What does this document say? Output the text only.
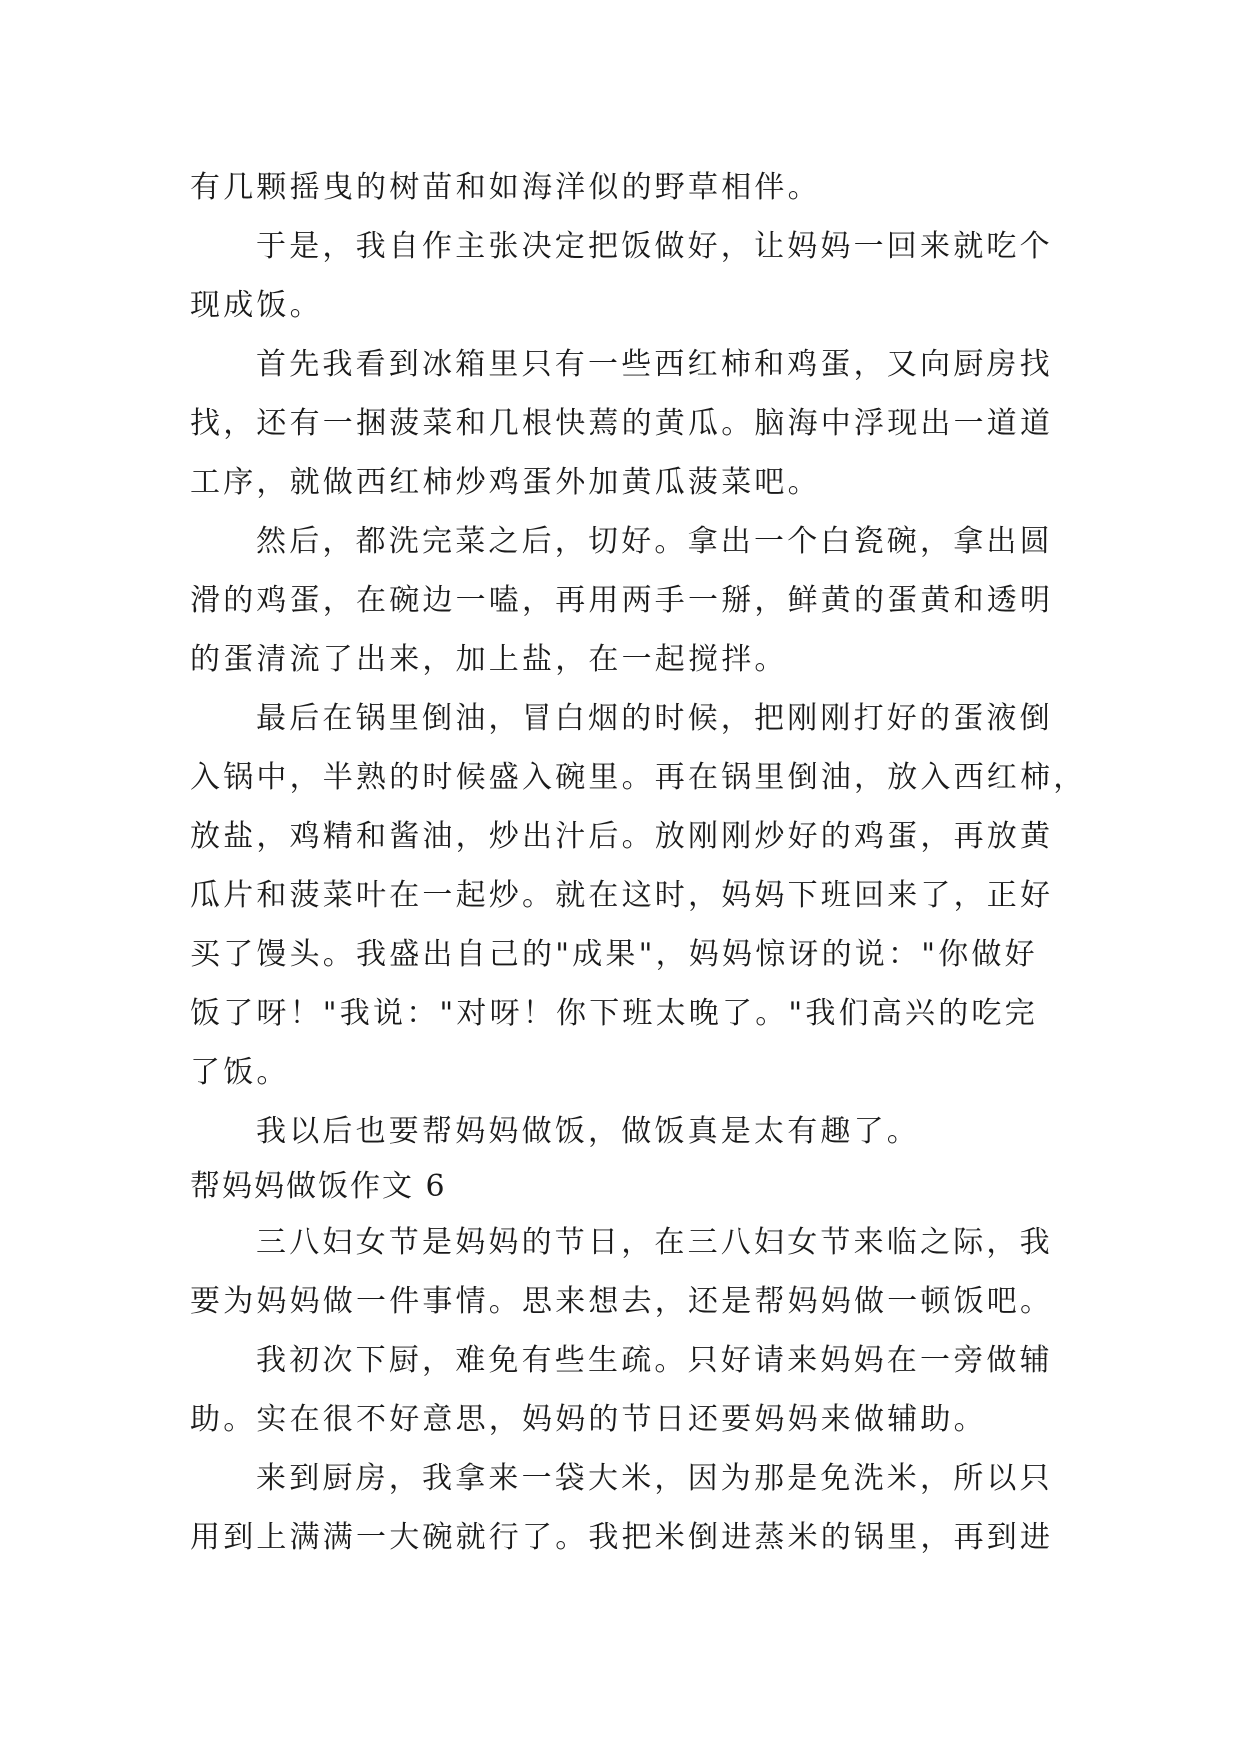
有几颗摇曳的树苗和如海洋似的野草相伴。
于是，我自作主张决定把饭做好，让妈妈一回来就吃个
现成饭。
首先我看到冰箱里只有一些西红柿和鸡蛋，又向厨房找
找，还有一捆菠菜和几根快蔫的黄瓜。脑海中浮现出一道道
工序，就做西红柿炒鸡蛋外加黄瓜菠菜吧。
然后，都洗完菜之后，切好。拿出一个白瓷碗，拿出圆
滑的鸡蛋，在碗边一嗑，再用两手一掰，鲜黄的蛋黄和透明
的蛋清流了出来，加上盐，在一起搅拌。
最后在锅里倒油，冒白烟的时候，把刚刚打好的蛋液倒
入锅中，半熟的时候盛入碗里。再在锅里倒油，放入西红柿，
放盐，鸡精和酱油，炒出汁后。放刚刚炒好的鸡蛋，再放黄
瓜片和菠菜叶在一起炒。就在这时，妈妈下班回来了，正好
买了馒头。我盛出自己的"成果"，妈妈惊讶的说："你做好
饭了呀！"我说："对呀！你下班太晚了。"我们高兴的吃完
了饭。
我以后也要帮妈妈做饭，做饭真是太有趣了。
帮妈妈做饭作文 6
三八妇女节是妈妈的节日，在三八妇女节来临之际，我
要为妈妈做一件事情。思来想去，还是帮妈妈做一顿饭吧。
我初次下厨，难免有些生疏。只好请来妈妈在一旁做辅
助。实在很不好意思，妈妈的节日还要妈妈来做辅助。
来到厨房，我拿来一袋大米，因为那是免洗米，所以只
用到上满满一大碗就行了。我把米倒进蒸米的锅里，再到进
